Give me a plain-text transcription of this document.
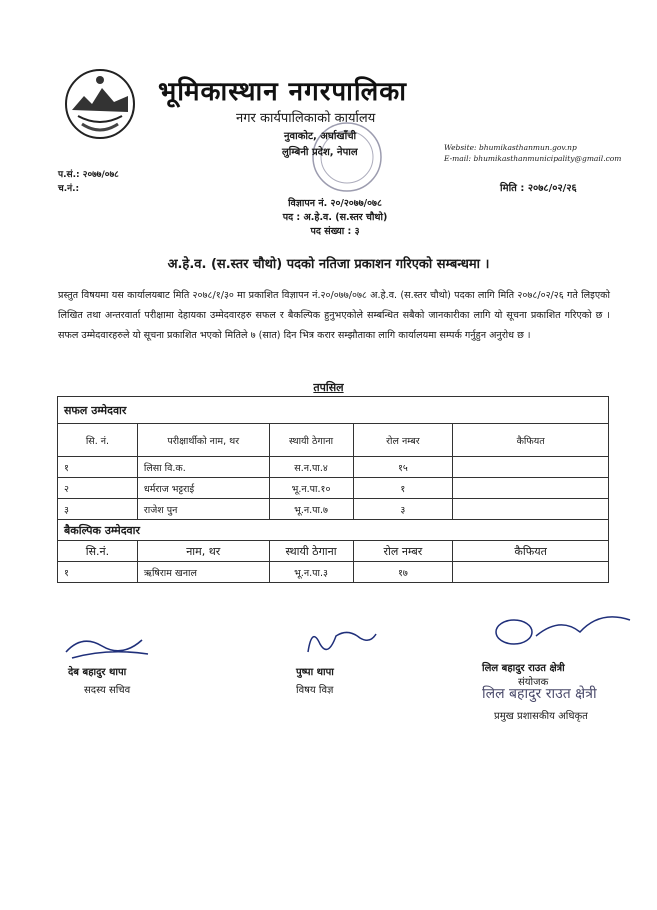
भूमिकास्थान नगरपालिका
नगर कार्यपालिकाको कार्यालय
नुवाकोट, अर्घाखाँची
लुम्बिनी प्रदेश, नेपाल	Website: bhumikasthanmun.gov.np
E-mail: bhumikasthanmunicipality@gmail.com
प.सं.: २०७७/०७८
च.नं.:	मिति : २०७८/०२/२६
विज्ञापन नं. २०/२०७७/०७८
पद : अ.हे.व. (स.स्तर चौथो)
पद संख्या : ३
अ.हे.व. (स.स्तर चौथो) पदको नतिजा प्रकाशन गरिएको सम्बन्धमा ।
प्रस्तुत विषयमा यस कार्यालयबाट मिति २०७८/१/३० मा प्रकाशित विज्ञापन नं.२०/०७७/०७८ अ.हे.व. (स.स्तर चौथो) पदका लागि मिति २०७८/०२/२६ गते लिइएको लिखित तथा अन्तरवार्ता परीक्षामा देहायका उम्मेदवारहरु सफल र बैकल्पिक हुनुभएकोले सम्बन्धित सबैको जानकारीका लागि यो सूचना प्रकाशित गरिएको छ । सफल उम्मेदवारहरुले यो सूचना प्रकाशित भएको मितिले ७ (सात) दिन भित्र करार सम्झौताका लागि कार्यालयमा सम्पर्क गर्नुहुन अनुरोध छ ।
तपसिल
सफल उम्मेदवार				
सि. नं.	परीक्षार्थीको नाम, थर	स्थायी ठेगाना	रोल नम्बर	कैफियत
१	लिसा वि.क.	स.न.पा.४	१५	
२	धर्मराज भट्टराई	भू.न.पा.१०	१	
३	राजेश पुन	भू.न.पा.७	३	
बैकल्पिक उम्मेदवार				
सि.नं.	नाम, थर	स्थायी ठेगाना	रोल नम्बर	कैफियत
१	ऋषिराम खनाल	भू.न.पा.३	१७	
देब बहादुर थापा
सदस्य सचिव
पुष्पा थापा
विषय विज्ञ
लिल बहादुर राउत क्षेत्री
संयोजक
लिल बहादुर राउत क्षेत्री
प्रमुख प्रशासकीय अधिकृत
